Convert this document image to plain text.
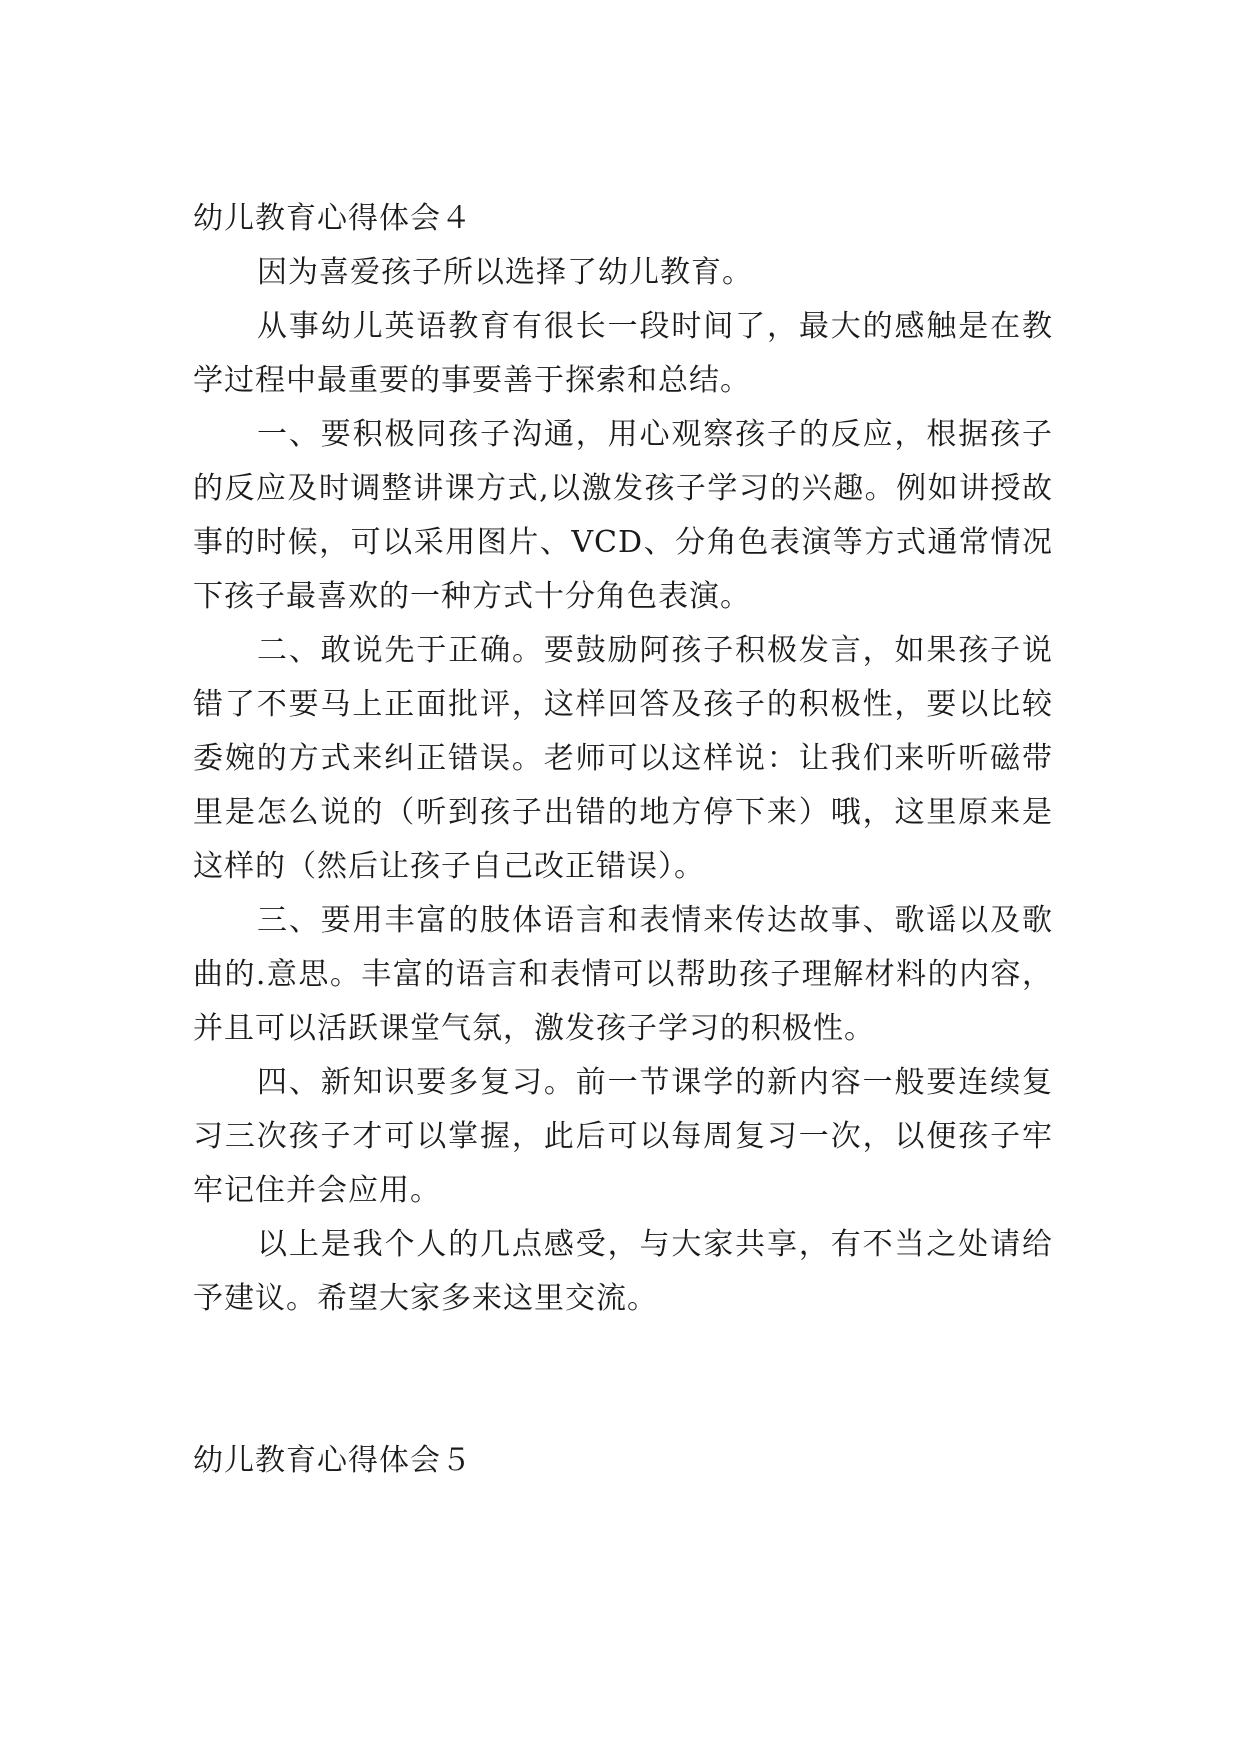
幼儿教育心得体会４

因为喜爱孩子所以选择了幼儿教育。

从事幼儿英语教育有很长一段时间了，最大的感触是在教学过程中最重要的事要善于探索和总结。

一、要积极同孩子沟通，用心观察孩子的反应，根据孩子的反应及时调整讲课方式,以激发孩子学习的兴趣。例如讲授故事的时候，可以采用图片、VCD、分角色表演等方式通常情况下孩子最喜欢的一种方式十分角色表演。

二、敢说先于正确。要鼓励阿孩子积极发言，如果孩子说错了不要马上正面批评，这样回答及孩子的积极性，要以比较委婉的方式来纠正错误。老师可以这样说：让我们来听听磁带里是怎么说的（听到孩子出错的地方停下来）哦，这里原来是这样的（然后让孩子自己改正错误）。

三、要用丰富的肢体语言和表情来传达故事、歌谣以及歌曲的.意思。丰富的语言和表情可以帮助孩子理解材料的内容，并且可以活跃课堂气氛，激发孩子学习的积极性。

四、新知识要多复习。前一节课学的新内容一般要连续复习三次孩子才可以掌握，此后可以每周复习一次，以便孩子牢牢记住并会应用。

以上是我个人的几点感受，与大家共享，有不当之处请给予建议。希望大家多来这里交流。

幼儿教育心得体会５
